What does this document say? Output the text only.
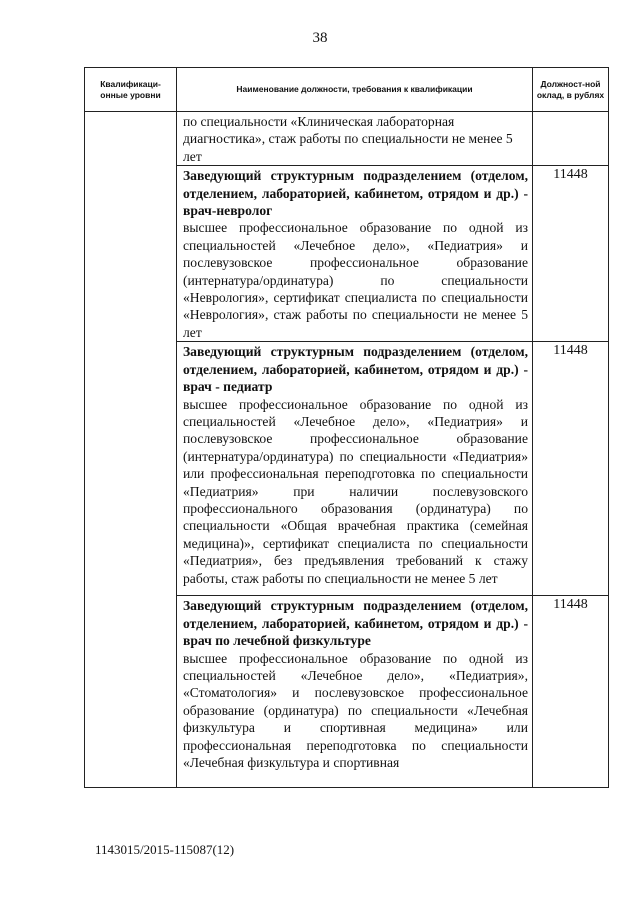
38
Квалификаци-онные уровни	Наименование должности, требования к квалификации	Должност-ной оклад, в рублях
	по специальности «Клиническая лабораторная диагностика», стаж работы по специальности не менее 5 лет	

	Заведующий структурным подразделением (отделом, отделением, лабораторией, кабинетом, отрядом и др.) - врач-невролог
высшее профессиональное образование по одной из специальностей «Лечебное дело», «Педиатрия» и послевузовское профессиональное образование (интернатура/ординатура) по специальности «Неврология», сертификат специалиста по специальности «Неврология», стаж работы по специальности не менее 5 лет	11448

	Заведующий структурным подразделением (отделом, отделением, лабораторией, кабинетом, отрядом и др.) - врач - педиатр
высшее профессиональное образование по одной из специальностей «Лечебное дело», «Педиатрия» и послевузовское профессиональное образование (интернатура/ординатура) по специальности «Педиатрия» или профессиональная переподготовка по специальности «Педиатрия» при наличии послевузовского профессионального образования (ординатура) по специальности «Общая врачебная практика (семейная медицина)», сертификат специалиста по специальности «Педиатрия», без предъявления требований к стажу работы, стаж работы по специальности не менее 5 лет	11448

	Заведующий структурным подразделением (отделом, отделением, лабораторией, кабинетом, отрядом и др.) - врач по лечебной физкультуре
высшее профессиональное образование по одной из специальностей «Лечебное дело», «Педиатрия», «Стоматология» и послевузовское профессиональное образование (ординатура) по специальности «Лечебная физкультура и спортивная медицина» или профессиональная переподготовка по специальности «Лечебная физкультура и спортивная	11448
1143015/2015-115087(12)
